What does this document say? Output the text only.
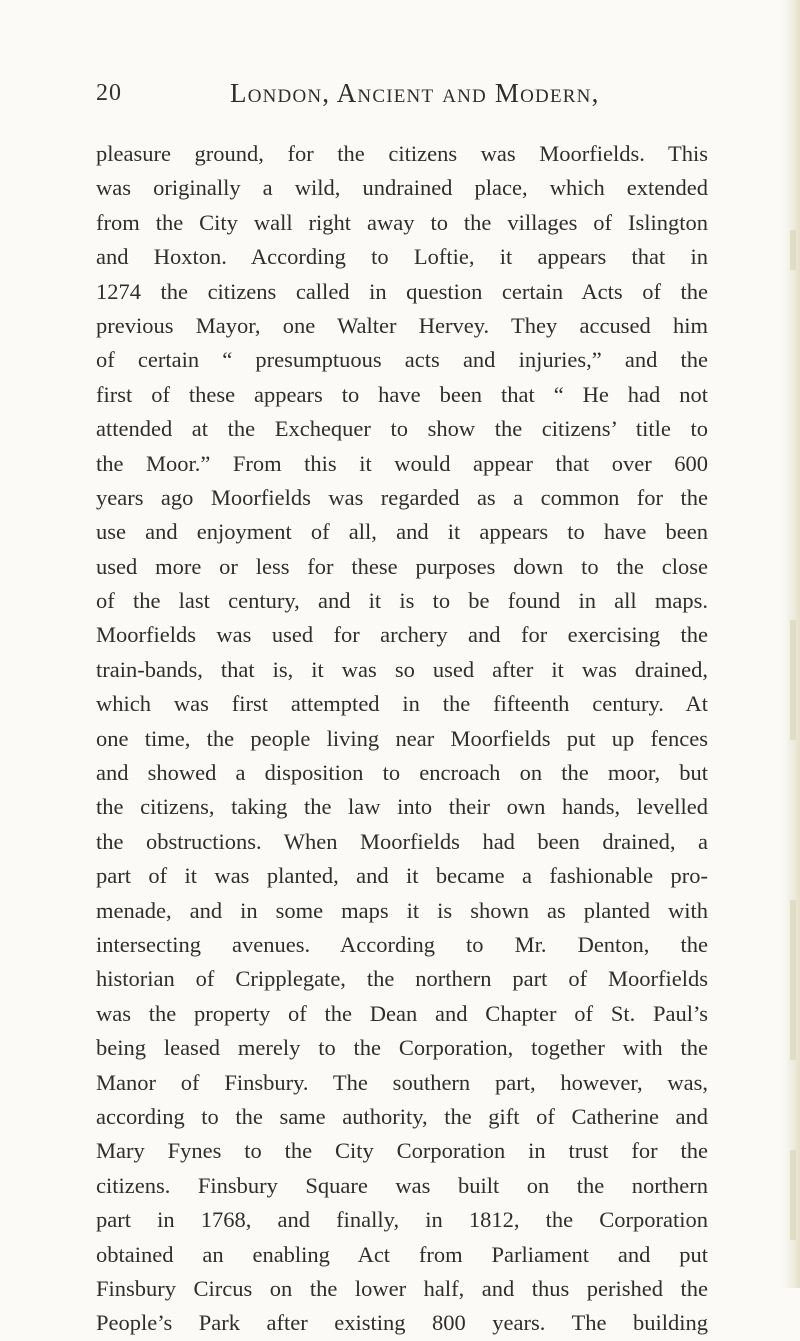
20	London, Ancient and Modern,
pleasure ground, for the citizens was Moorfields. This
was originally a wild, undrained place, which extended
from the City wall right away to the villages of Islington
and Hoxton. According to Loftie, it appears that in
1274 the citizens called in question certain Acts of the
previous Mayor, one Walter Hervey. They accused him
of certain “ presumptuous acts and injuries,” and the
first of these appears to have been that “ He had not
attended at the Exchequer to show the citizens’ title to
the Moor.” From this it would appear that over 600
years ago Moorfields was regarded as a common for the
use and enjoyment of all, and it appears to have been
used more or less for these purposes down to the close
of the last century, and it is to be found in all maps.
Moorfields was used for archery and for exercising the
train-bands, that is, it was so used after it was drained,
which was first attempted in the fifteenth century. At
one time, the people living near Moorfields put up fences
and showed a disposition to encroach on the moor, but
the citizens, taking the law into their own hands, levelled
the obstructions. When Moorfields had been drained, a
part of it was planted, and it became a fashionable pro-
menade, and in some maps it is shown as planted with
intersecting avenues. According to Mr. Denton, the
historian of Cripplegate, the northern part of Moorfields
was the property of the Dean and Chapter of St. Paul’s
being leased merely to the Corporation, together with the
Manor of Finsbury. The southern part, however, was,
according to the same authority, the gift of Catherine and
Mary Fynes to the City Corporation in trust for the
citizens. Finsbury Square was built on the northern
part in 1768, and finally, in 1812, the Corporation
obtained an enabling Act from Parliament and put
Finsbury Circus on the lower half, and thus perished the
People’s Park after existing 800 years. The building
